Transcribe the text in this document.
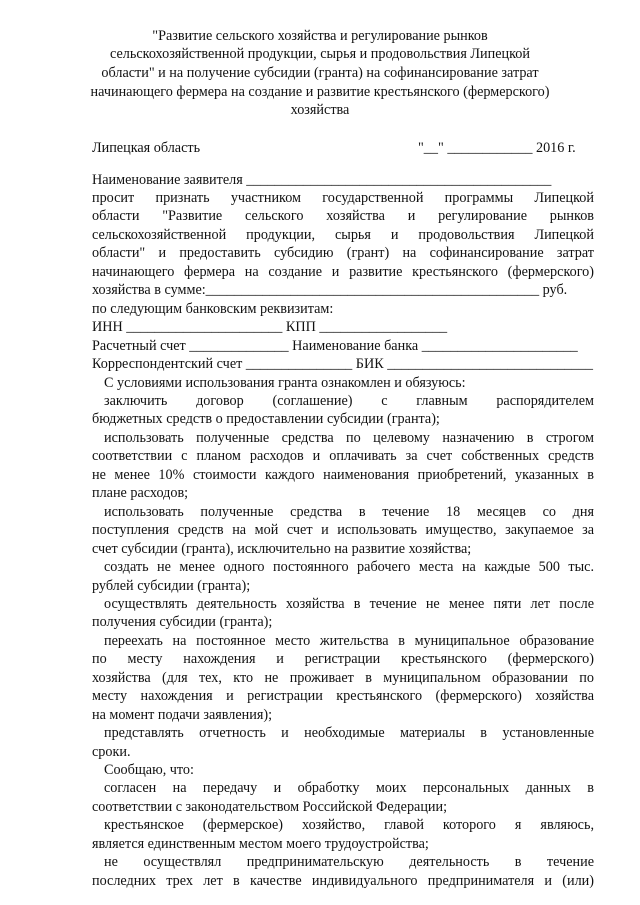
"Развитие сельского хозяйства и регулирование рынков
сельскохозяйственной продукции, сырья и продовольствия Липецкой
области" и на получение субсидии (гранта) на софинансирование затрат
начинающего фермера на создание и развитие крестьянского (фермерского)
хозяйства
Липецкая область	"__" ____________ 2016 г.
Наименование заявителя ___________________________________________
просит признать участником государственной программы Липецкой
области "Развитие сельского хозяйства и регулирование рынков
сельскохозяйственной продукции, сырья и продовольствия Липецкой
области" и предоставить субсидию (грант) на софинансирование затрат
начинающего фермера на создание и развитие крестьянского (фермерского)
хозяйства в сумме:_______________________________________________ руб.
по следующим банковским реквизитам:
ИНН ______________________ КПП __________________
Расчетный счет ______________ Наименование банка ______________________
Корреспондентский счет _______________ БИК _____________________________
С условиями использования гранта ознакомлен и обязуюсь:
заключить договор (соглашение) с главным распорядителем
бюджетных средств о предоставлении субсидии (гранта);
использовать полученные средства по целевому назначению в строгом
соответствии с планом расходов и оплачивать за счет собственных средств
не менее 10% стоимости каждого наименования приобретений, указанных в
плане расходов;
использовать полученные средства в течение 18 месяцев со дня
поступления средств на мой счет и использовать имущество, закупаемое за
счет субсидии (гранта), исключительно на развитие хозяйства;
создать не менее одного постоянного рабочего места на каждые 500 тыс.
рублей субсидии (гранта);
осуществлять деятельность хозяйства в течение не менее пяти лет после
получения субсидии (гранта);
переехать на постоянное место жительства в муниципальное образование
по месту нахождения и регистрации крестьянского (фермерского)
хозяйства (для тех, кто не проживает в муниципальном образовании по
месту нахождения и регистрации крестьянского (фермерского) хозяйства
на момент подачи заявления);
представлять отчетность и необходимые материалы в установленные
сроки.
Сообщаю, что:
согласен на передачу и обработку моих персональных данных в
соответствии с законодательством Российской Федерации;
крестьянское (фермерское) хозяйство, главой которого я являюсь,
является единственным местом моего трудоустройства;
не осуществлял предпринимательскую деятельность в течение
последних трех лет в качестве индивидуального предпринимателя и (или)
